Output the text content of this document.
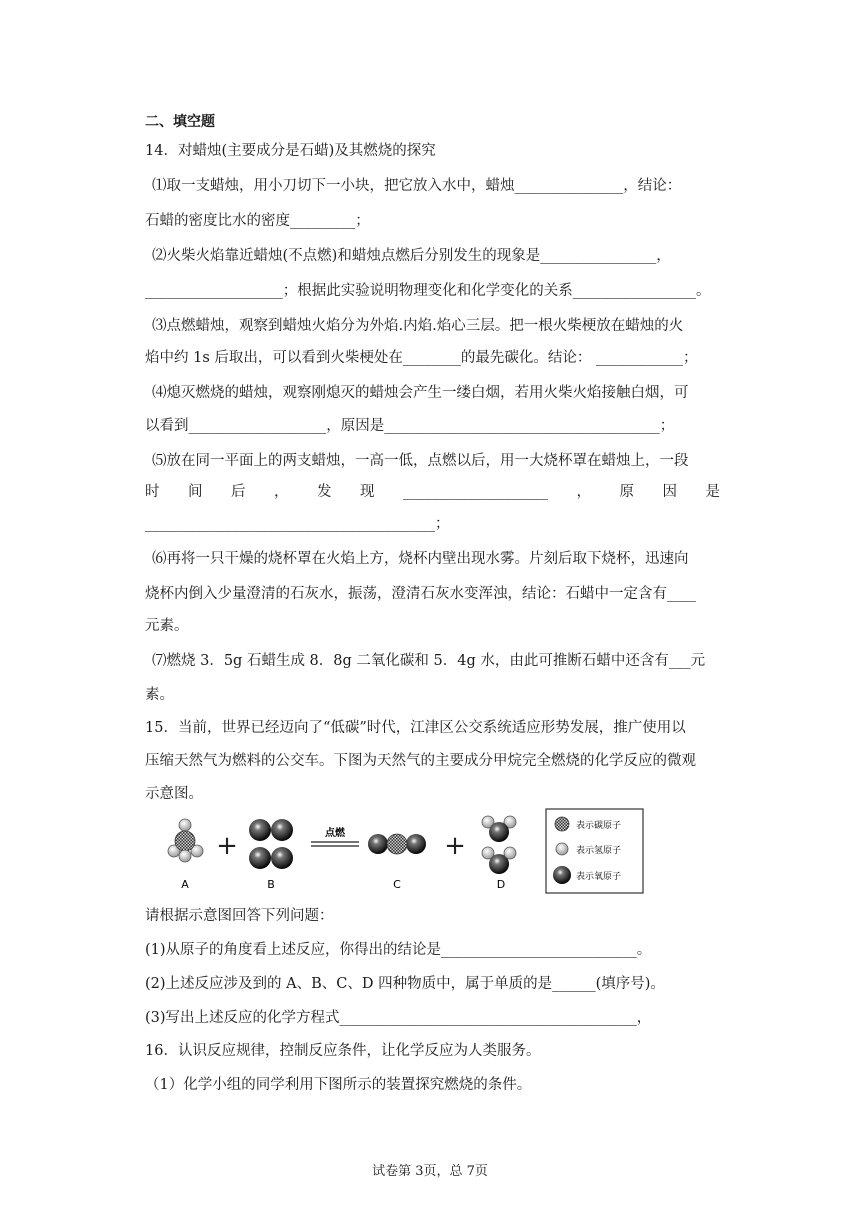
二、填空题
14．对蜡烛(主要成分是石蜡)及其燃烧的探究
⑴取一支蜡烛，用小刀切下一小块，把它放入水中，蜡烛_______________，结论：
石蜡的密度比水的密度_________；
⑵火柴火焰靠近蜡烛(不点燃)和蜡烛点燃后分别发生的现象是________________，
___________________；根据此实验说明物理变化和化学变化的关系_________________。
⑶点燃蜡烛，观察到蜡烛火焰分为外焰.内焰.焰心三层。把一根火柴梗放在蜡烛的火
焰中约 1s 后取出，可以看到火柴梗处在________的最先碳化。结论： ____________；
⑷熄灭燃烧的蜡烛，观察刚熄灭的蜡烛会产生一缕白烟，若用火柴火焰接触白烟，可
以看到___________________，原因是______________________________________；
⑸放在同一平面上的两支蜡烛，一高一低，点燃以后，用一大烧杯罩在蜡烛上，一段
时 间 后 ， 发 现 ____________________ ， 原 因 是
________________________________________；
⑹再将一只干燥的烧杯罩在火焰上方，烧杯内壁出现水雾。片刻后取下烧杯，迅速向
烧杯内倒入少量澄清的石灰水，振荡，澄清石灰水变浑浊，结论：石蜡中一定含有____
元素。
⑺燃烧 3．5g 石蜡生成 8．8g 二氧化碳和 5．4g 水，由此可推断石蜡中还含有___元
素。
15．当前，世界已经迈向了“低碳”时代，江津区公交系统适应形势发展，推广使用以
压缩天然气为燃料的公交车。下图为天然气的主要成分甲烷完全燃烧的化学反应的微观
示意图。
A
+
B
点燃
C
+
D
表示碳原子
表示氢原子
表示氧原子
请根据示意图回答下列问题：
(1)从原子的角度看上述反应，你得出的结论是___________________________。
(2)上述反应涉及到的 A、B、C、D 四种物质中，属于单质的是______(填序号)。
(3)写出上述反应的化学方程式_________________________________________，
16．认识反应规律，控制反应条件，让化学反应为人类服务。
（1）化学小组的同学利用下图所示的装置探究燃烧的条件。
试卷第 3页，总 7页
